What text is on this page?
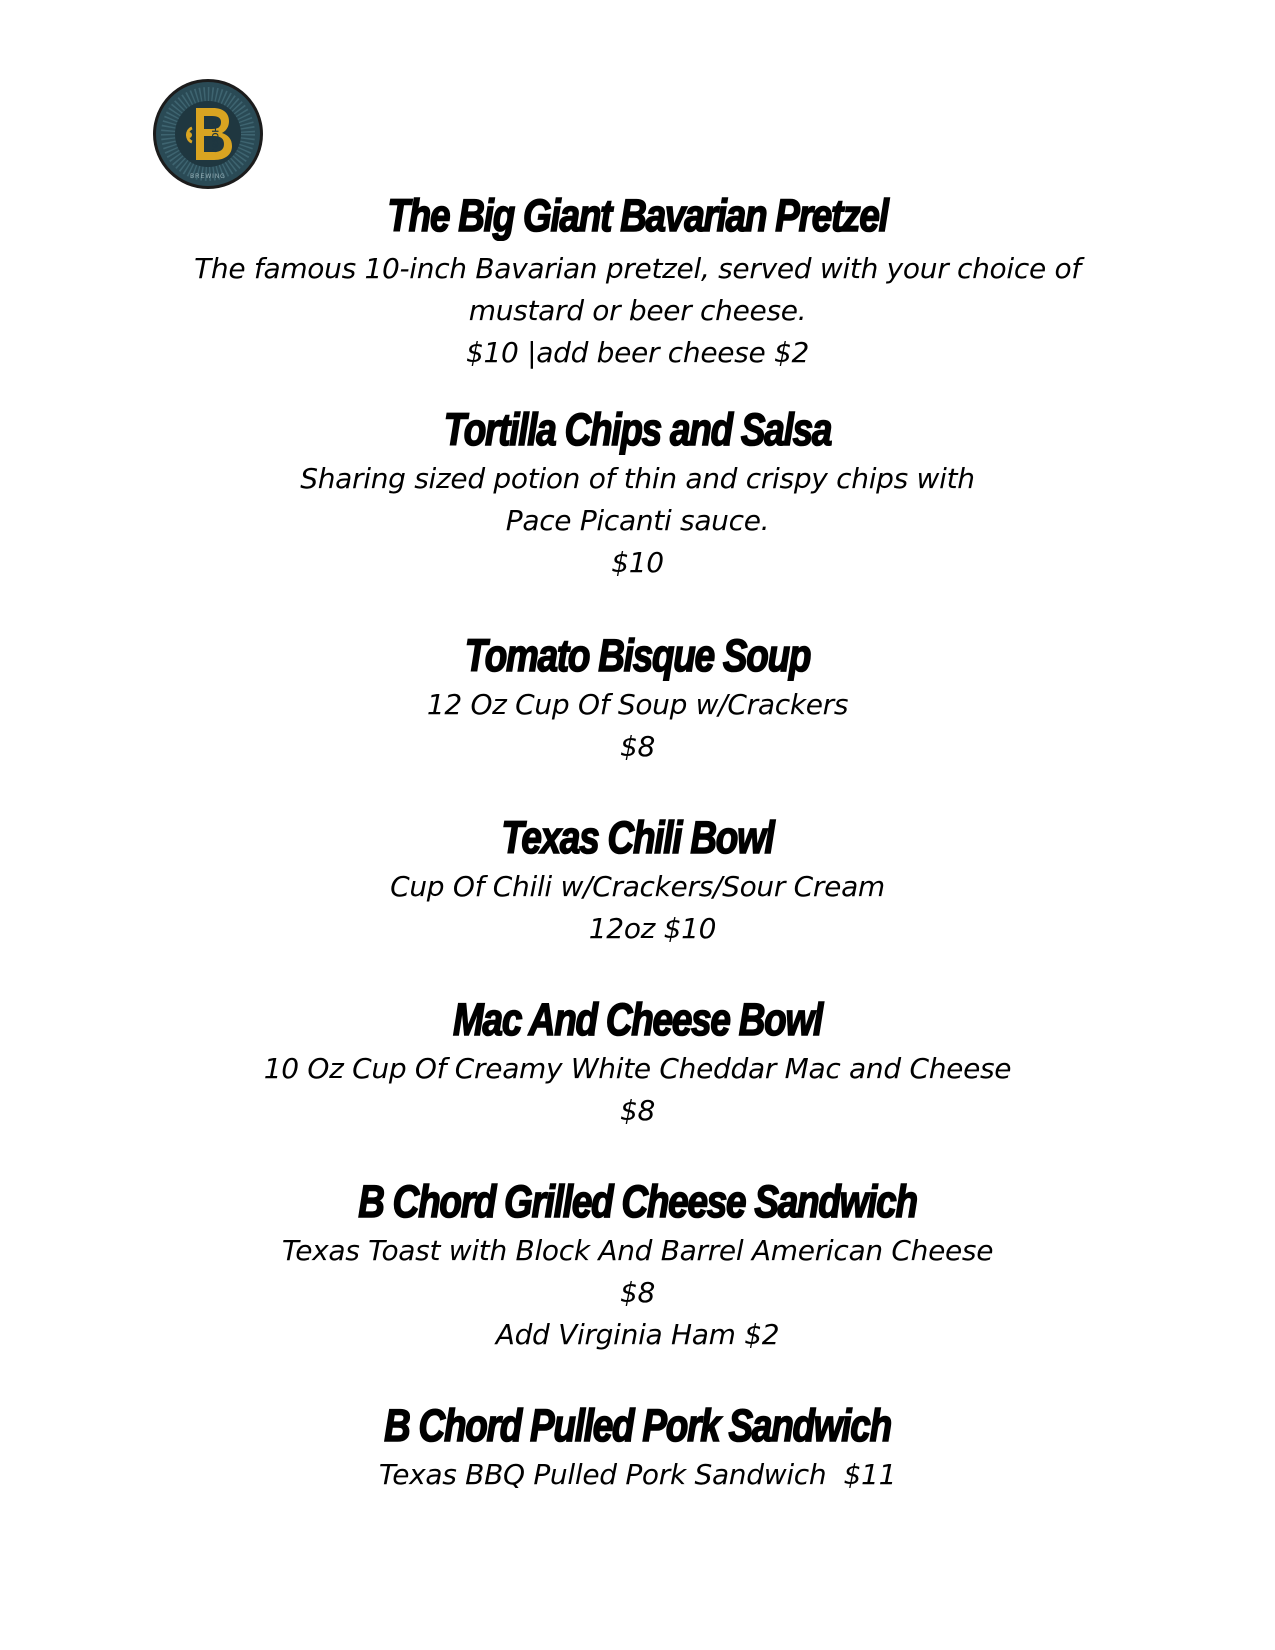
CHORD
BREWING
The Big Giant Bavarian Pretzel
The famous 10-inch Bavarian pretzel, served with your choice of
mustard or beer cheese.
$10 |add beer cheese $2
Tortilla Chips and Salsa
Sharing sized potion of thin and crispy chips with
Pace Picanti sauce.
$10
Tomato Bisque Soup
12 Oz Cup Of Soup w/Crackers
$8
Texas Chili Bowl
Cup Of Chili w/Crackers/Sour Cream
12oz $10
Mac And Cheese Bowl
10 Oz Cup Of Creamy White Cheddar Mac and Cheese
$8
B Chord Grilled Cheese Sandwich
Texas Toast with Block And Barrel American Cheese
$8
Add Virginia Ham $2
B Chord Pulled Pork Sandwich
Texas BBQ Pulled Pork Sandwich  $11
